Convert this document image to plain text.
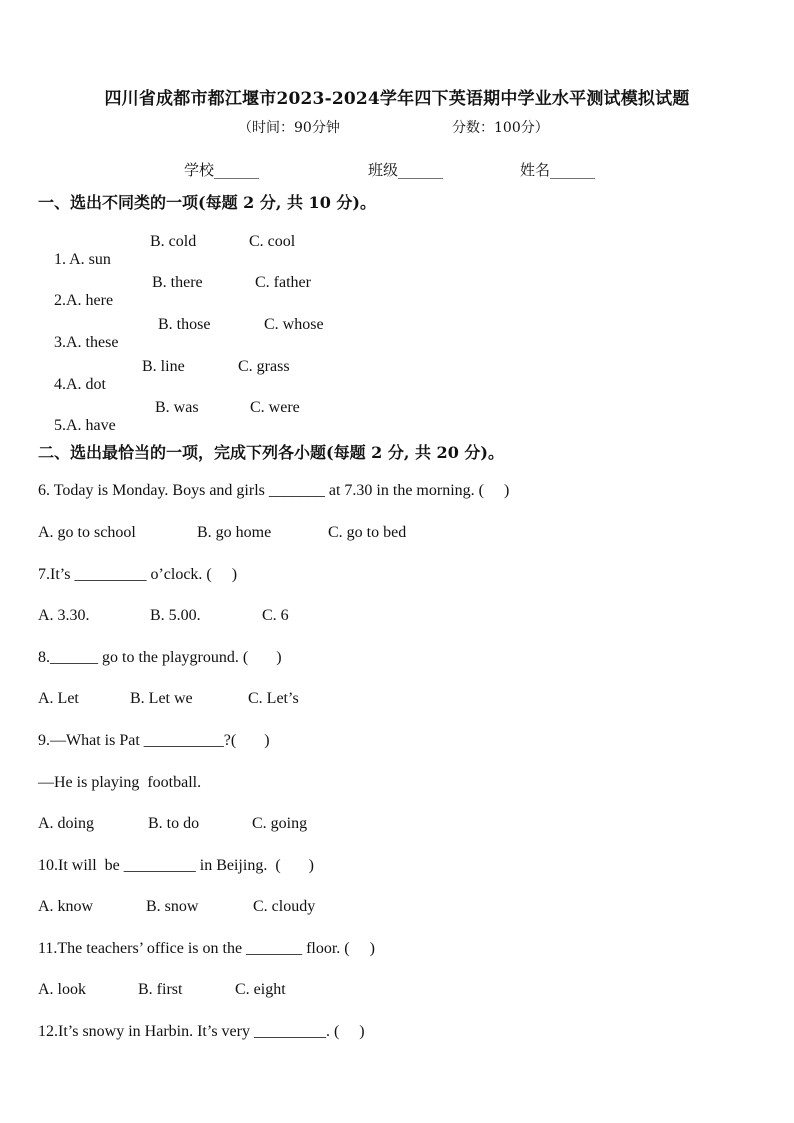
四川省成都市都江堰市2023-2024学年四下英语期中学业水平测试模拟试题
（时间：90分钟	分数：100分）
学校______	班级______	姓名______
一、选出不同类的一项(每题 2 分, 共 10 分)。

1. A. sun

B. cold	C. cool

2.A. here

B. there	C. father

3.A. these

B. those	C. whose

4.A. dot

B. line	C. grass

5.A. have

B. was	C. were
二、选出最恰当的一项，完成下列各小题(每题 2 分, 共 20 分)。
6. Today is Monday. Boys and girls _______ at 7.30 in the morning. (     )
A. go to school	B. go home	C. go to bed
7.It’s _________ o’clock. (     )
A. 3.30.	B. 5.00.	C. 6
8.______ go to the playground. (       )
A. Let	B. Let we	C. Let’s
9.—What is Pat __________?(       )
—He is playing  football.
A. doing	B. to do	C. going
10.It will  be _________ in Beijing.  (       )
A. know	B. snow	C. cloudy
11.The teachers’ office is on the _______ floor. (     )
A. look	B. first	C. eight
12.It’s snowy in Harbin. It’s very _________. (     )
